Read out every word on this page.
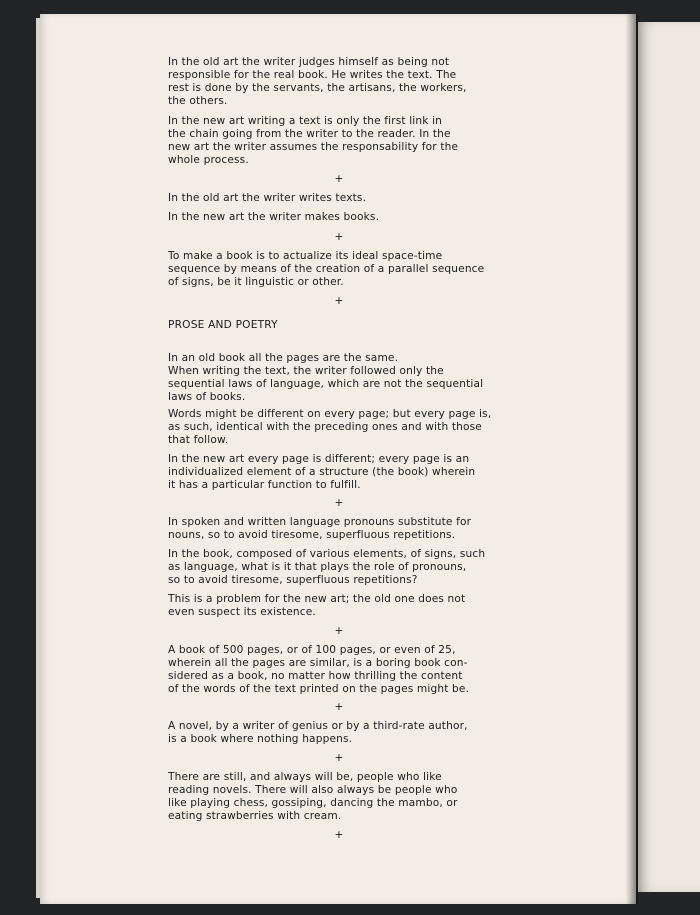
In the old art the writer judges himself as being not
responsible for the real book. He writes the text. The
rest is done by the servants, the artisans, the workers,
the others.
In the new art writing a text is only the first link in
the chain going from the writer to the reader. In the
new art the writer assumes the responsability for the
whole process.
+
In the old art the writer writes texts.
In the new art the writer makes books.
+
To make a book is to actualize its ideal space-time
sequence by means of the creation of a parallel sequence
of signs, be it linguistic or other.
+
PROSE AND POETRY
In an old book all the pages are the same.
When writing the text, the writer followed only the
sequential laws of language, which are not the sequential
laws of books.
Words might be different on every page; but every page is,
as such, identical with the preceding ones and with those
that follow.
In the new art every page is different; every page is an
individualized element of a structure (the book) wherein
it has a particular function to fulfill.
+
In spoken and written language pronouns substitute for
nouns, so to avoid tiresome, superfluous repetitions.
In the book, composed of various elements, of signs, such
as language, what is it that plays the role of pronouns,
so to avoid tiresome, superfluous repetitions?
This is a problem for the new art; the old one does not
even suspect its existence.
+
A book of 500 pages, or of 100 pages, or even of 25,
wherein all the pages are similar, is a boring book con-
sidered as a book, no matter how thrilling the content
of the words of the text printed on the pages might be.
+
A novel, by a writer of genius or by a third-rate author,
is a book where nothing happens.
+
There are still, and always will be, people who like
reading novels. There will also always be people who
like playing chess, gossiping, dancing the mambo, or
eating strawberries with cream.
+
